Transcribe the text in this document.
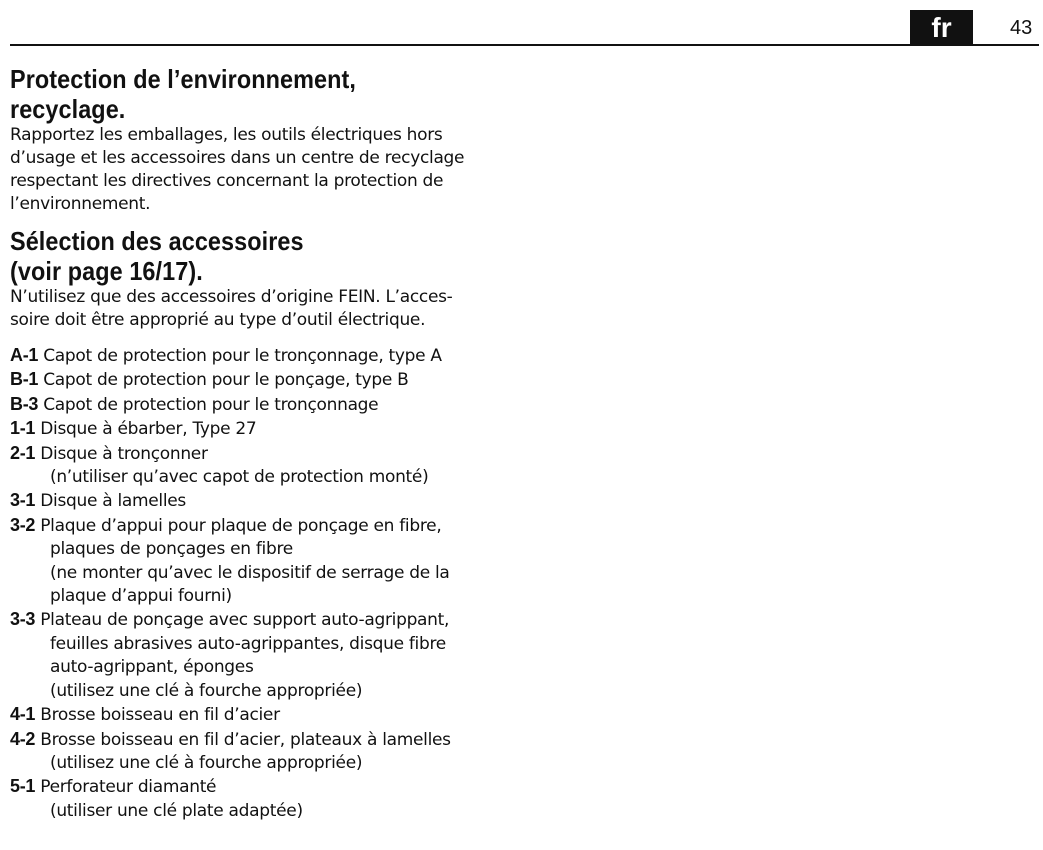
fr	43
Protection de l’environnement,
recyclage.

Rapportez les emballages, les outils électriques hors
d’usage et les accessoires dans un centre de recyclage
respectant les directives concernant la protection de
l’environnement.

Sélection des accessoires
(voir page 16/17).

N’utilisez que des accessoires d’origine FEIN. L’acces-
soire doit être approprié au type d’outil électrique.

A-1 Capot de protection pour le tronçonnage, type A
B-1 Capot de protection pour le ponçage, type B
B-3 Capot de protection pour le tronçonnage
1-1 Disque à ébarber, Type 27
2-1 Disque à tronçonner
(n’utiliser qu’avec capot de protection monté)
3-1 Disque à lamelles
3-2 Plaque d’appui pour plaque de ponçage en fibre,
plaques de ponçages en fibre
(ne monter qu’avec le dispositif de serrage de la
plaque d’appui fourni)
3-3 Plateau de ponçage avec support auto-agrippant,
feuilles abrasives auto-agrippantes, disque fibre
auto-agrippant, éponges
(utilisez une clé à fourche appropriée)
4-1 Brosse boisseau en fil d’acier
4-2 Brosse boisseau en fil d’acier, plateaux à lamelles
(utilisez une clé à fourche appropriée)
5-1 Perforateur diamanté
(utiliser une clé plate adaptée)
